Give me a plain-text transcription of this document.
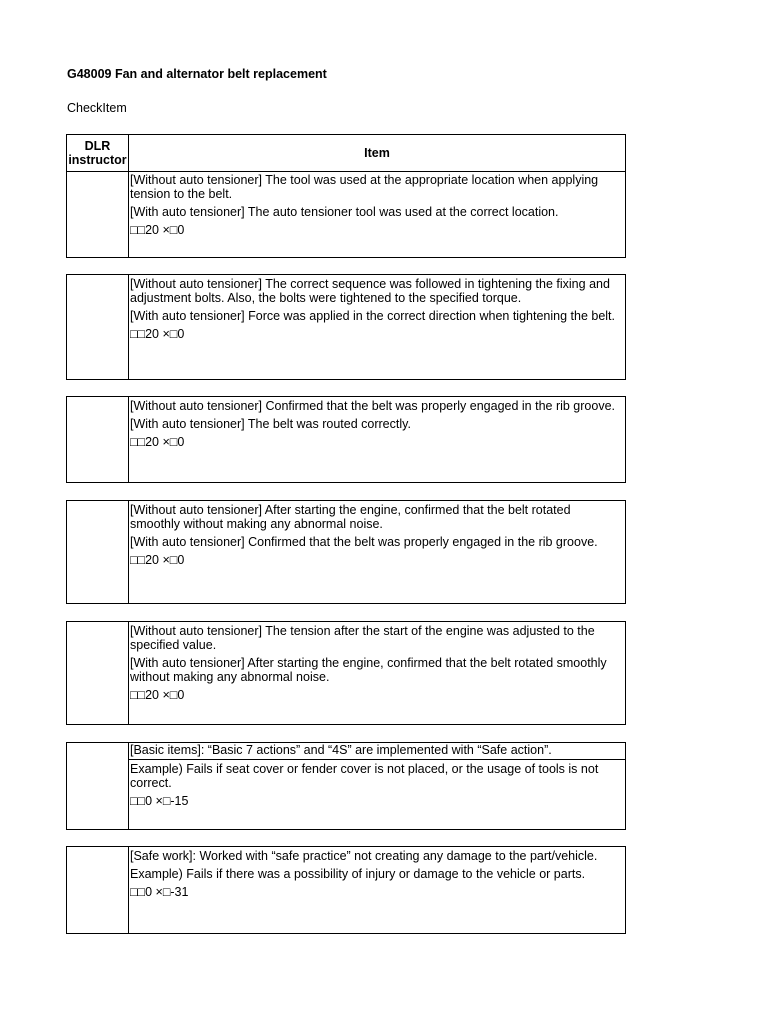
G48009 Fan and alternator belt replacement
CheckItem
DLR instructor	Item

[Without auto tensioner] The tool was used at the appropriate location when applying tension to the belt.

[With auto tensioner] The auto tensioner tool was used at the correct location.

□□20 ×□0

[Without auto tensioner] The correct sequence was followed in tightening the fixing and adjustment bolts. Also, the bolts were tightened to the specified torque.

[With auto tensioner] Force was applied in the correct direction when tightening the belt.

□□20 ×□0

[Without auto tensioner] Confirmed that the belt was properly engaged in the rib groove.

[With auto tensioner] The belt was routed correctly.

□□20 ×□0

[Without auto tensioner] After starting the engine, confirmed that the belt rotated smoothly without making any abnormal noise.

[With auto tensioner] Confirmed that the belt was properly engaged in the rib groove.

□□20 ×□0

[Without auto tensioner] The tension after the start of the engine was adjusted to the specified value.

[With auto tensioner] After starting the engine, confirmed that the belt rotated smoothly without making any abnormal noise.

□□20 ×□0

[Basic items]: “Basic 7 actions” and “4S” are implemented with “Safe action”.

Example) Fails if seat cover or fender cover is not placed, or the usage of tools is not correct.

□□0 ×□-15

[Safe work]: Worked with “safe practice” not creating any damage to the part/vehicle.

Example) Fails if there was a possibility of injury or damage to the vehicle or parts.

□□0 ×□-31
